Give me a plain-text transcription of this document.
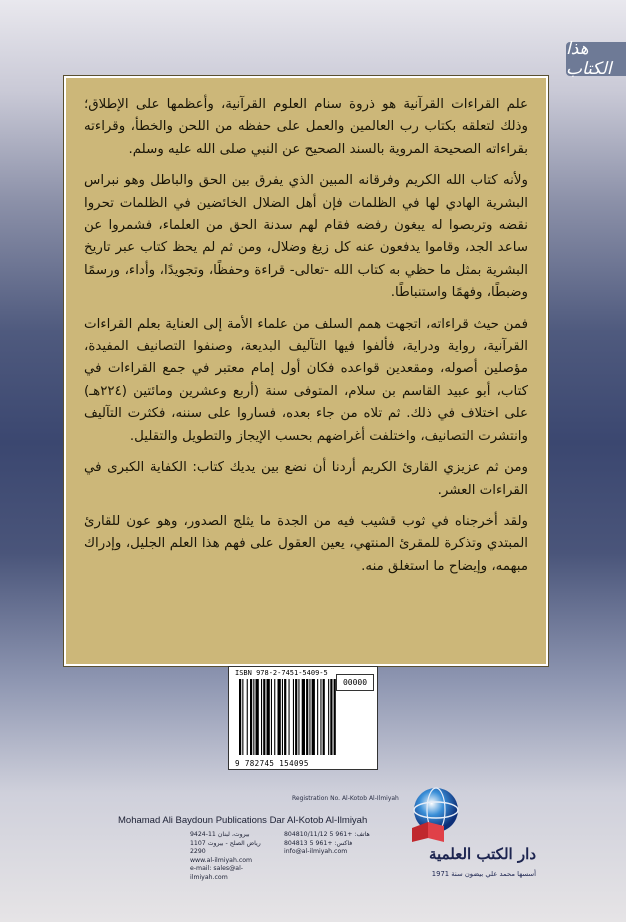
هذا الكتاب

علم القراءات القرآنية هو ذروة سنام العلوم القرآنية، وأعظمها على الإطلاق؛ وذلك لتعلقه بكتاب رب العالمين والعمل على حفظه من اللحن والخطأ، وقراءته بقراءاته الصحيحة المروية بالسند الصحيح عن النبي صلى الله عليه وسلم.

ولأنه كتاب الله الكريم وفرقانه المبين الذي يفرق بين الحق والباطل وهو نبراس البشرية الهادي لها في الظلمات فإن أهل الضلال الخائضين في الظلمات تحروا نقضه وتربصوا له يبغون رفضه فقام لهم سدنة الحق من العلماء، فشمروا عن ساعد الجد، وقاموا يدفعون عنه كل زيغ وضلال، ومن ثم لم يحظ كتاب عبر تاريخ البشرية بمثل ما حظي به كتاب الله -تعالى- قراءة وحفظًا، وتجويدًا، وأداء، ورسمًا وضبطًا، وفهمًا واستنباطًا.

فمن حيث قراءاته، اتجهت همم السلف من علماء الأمة إلى العناية بعلم القراءات القرآنية، رواية ودراية، فألفوا فيها التآليف البديعة، وصنفوا التصانيف المفيدة، مؤصلين أصوله، ومقعدين قواعده فكان أول إمام معتبر في جمع القراءات في كتاب، أبو عبيد القاسم بن سلام، المتوفى سنة (أربع وعشرين ومائتين (٢٢٤هـ) على اختلاف في ذلك. ثم تلاه من جاء بعده، فساروا على سننه، فكثرت التآليف وانتشرت التصانيف، واختلفت أغراضهم بحسب الإيجاز والتطويل والتقليل.

ومن ثم عزيزي القارئ الكريم أردنا أن نضع بين يديك كتاب: الكفاية الكبرى في القراءات العشر.

ولقد أخرجناه في ثوب قشيب فيه من الجدة ما يثلج الصدور، وهو عون للقارئ المبتدي وتذكرة للمقرئ المنتهي، يعين العقول على فهم هذا العلم الجليل، وإدراك مبهمه، وإيضاح ما استغلق منه.

ISBN 978-2-7451-5409-5
9 782745 154095
00000
Registration No. Al-Kotob Al-Ilmiyah
Mohamad Ali Baydoun Publications Dar Al-Kotob Al-Ilmiyah
بيروت، لبنان 11-9424
رياض الصلح - بيروت 1107 2290
www.al-ilmiyah.com
e-mail: sales@al-ilmiyah.com
هاتف: +961 5 804810/11/12
فاكس: +961 5 804813
info@al-ilmiyah.com	دار الكتب العلمية
أسسها محمد علي بيضون سنة 1971
